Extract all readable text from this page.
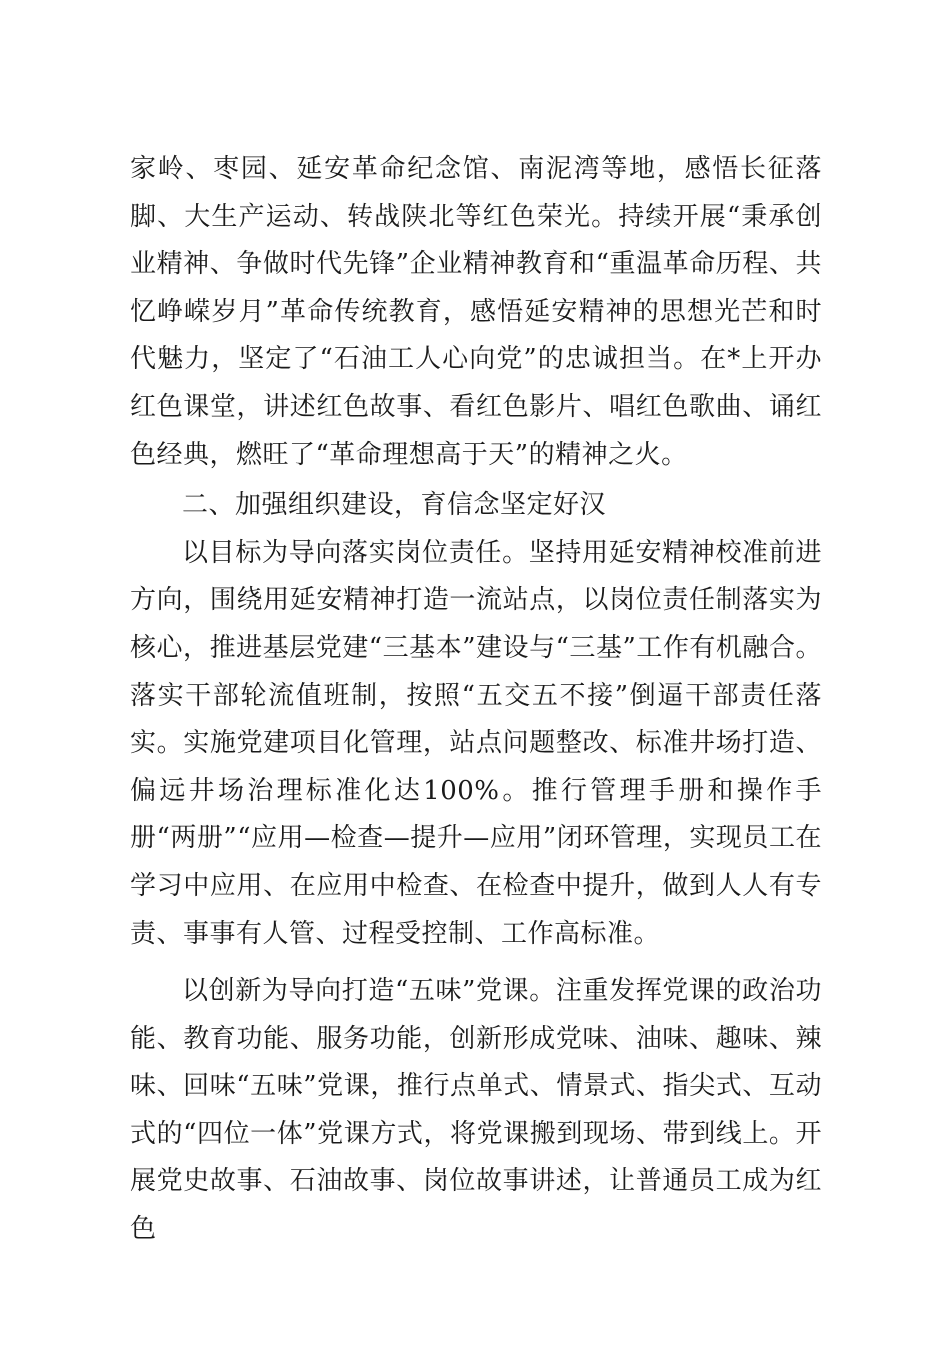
家岭、枣园、延安革命纪念馆、南泥湾等地，感悟长征落脚、大生产运动、转战陕北等红色荣光。持续开展“秉承创业精神、争做时代先锋”企业精神教育和“重温革命历程、共忆峥嵘岁月”革命传统教育，感悟延安精神的思想光芒和时代魅力，坚定了“石油工人心向党”的忠诚担当。在*上开办红色课堂，讲述红色故事、看红色影片、唱红色歌曲、诵红色经典，燃旺了“革命理想高于天”的精神之火。

二、加强组织建设，育信念坚定好汉

以目标为导向落实岗位责任。坚持用延安精神校准前进方向，围绕用延安精神打造一流站点，以岗位责任制落实为核心，推进基层党建“三基本”建设与“三基”工作有机融合。落实干部轮流值班制，按照“五交五不接”倒逼干部责任落实。实施党建项目化管理，站点问题整改、标准井场打造、偏远井场治理标准化达100%。推行管理手册和操作手册“两册”“应用—检查—提升—应用”闭环管理，实现员工在学习中应用、在应用中检查、在检查中提升，做到人人有专责、事事有人管、过程受控制、工作高标准。

以创新为导向打造“五味”党课。注重发挥党课的政治功能、教育功能、服务功能，创新形成党味、油味、趣味、辣味、回味“五味”党课，推行点单式、情景式、指尖式、互动式的“四位一体”党课方式，将党课搬到现场、带到线上。开展党史故事、石油故事、岗位故事讲述，让普通员工成为红色
